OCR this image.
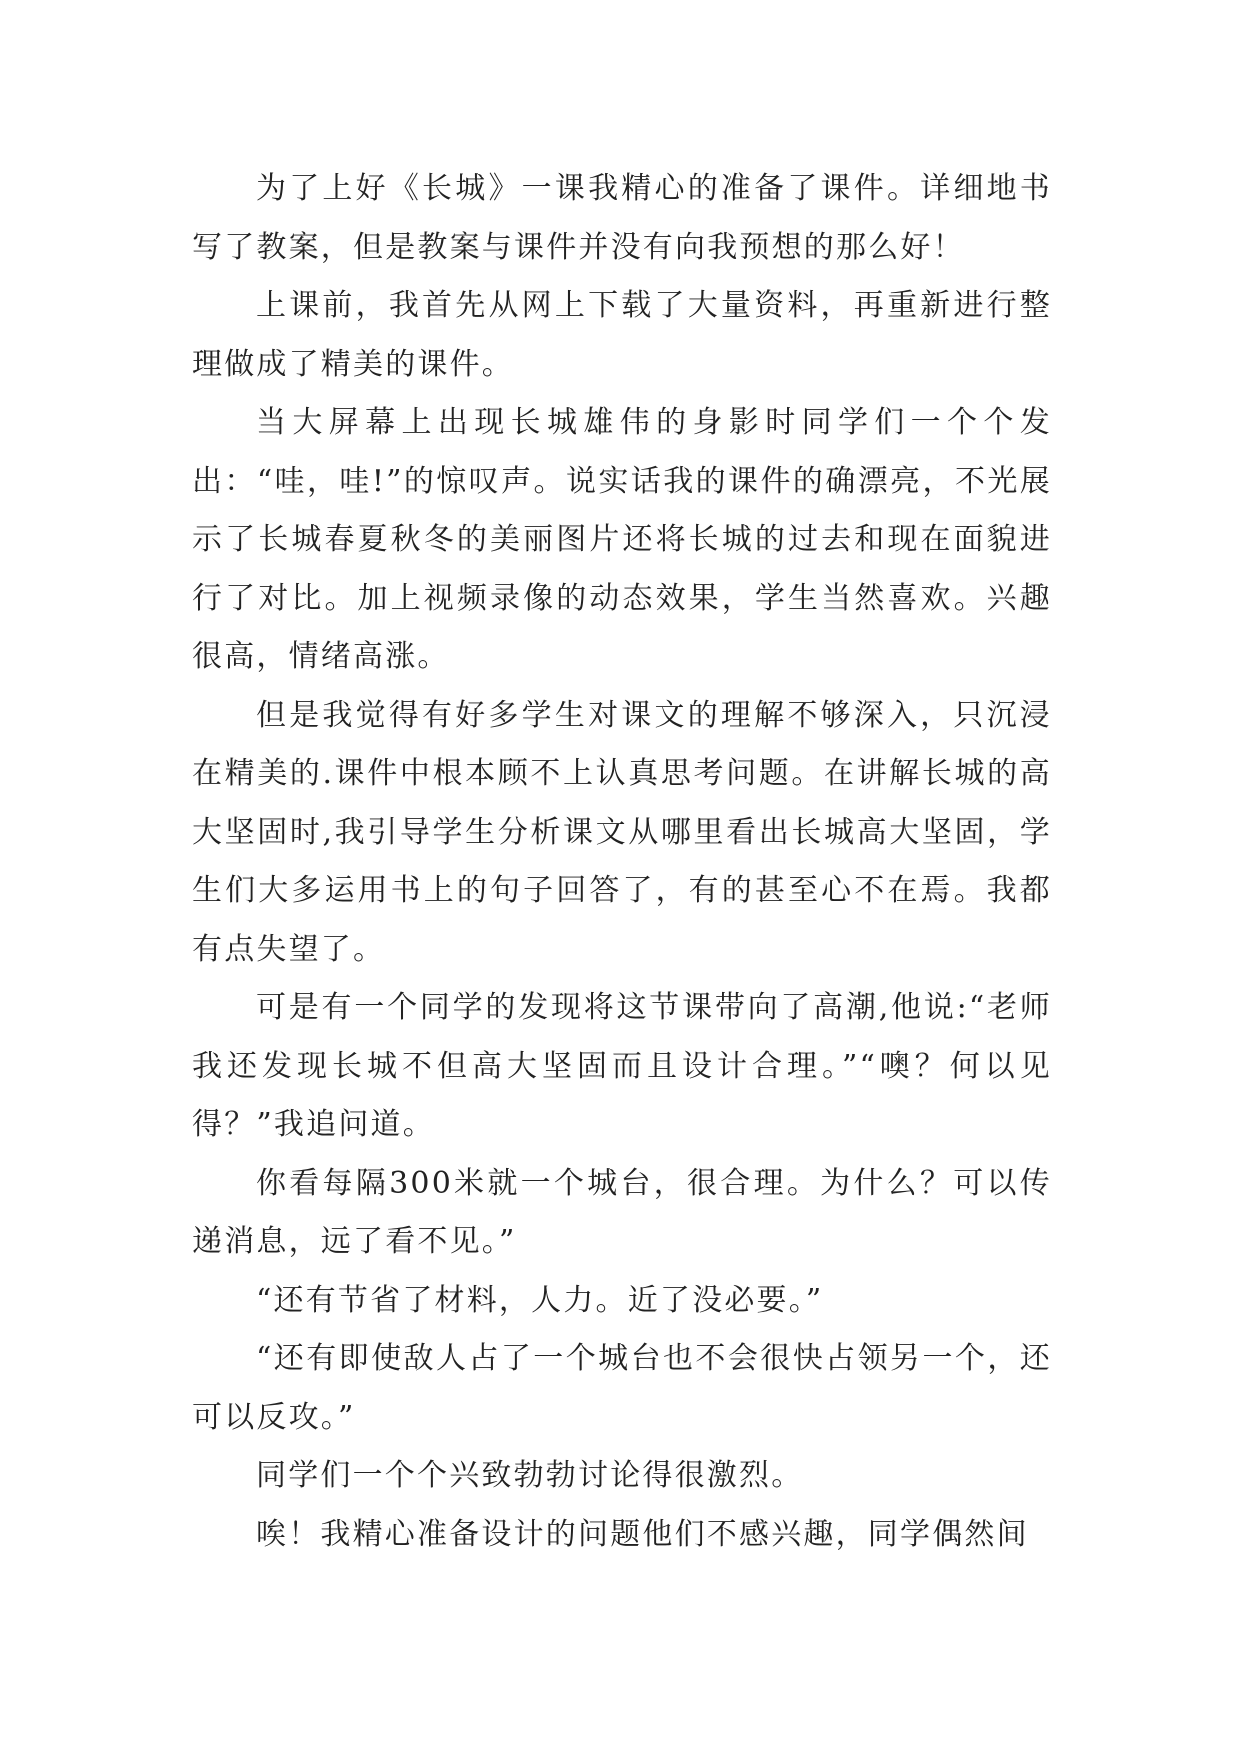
为了上好《长城》一课我精心的准备了课件。详细地书写了教案，但是教案与课件并没有向我预想的那么好！

上课前，我首先从网上下载了大量资料，再重新进行整理做成了精美的课件。

当大屏幕上出现长城雄伟的身影时同学们一个个发出：“哇，哇!”的惊叹声。说实话我的课件的确漂亮，不光展示了长城春夏秋冬的美丽图片还将长城的过去和现在面貌进行了对比。加上视频录像的动态效果，学生当然喜欢。兴趣很高，情绪高涨。

但是我觉得有好多学生对课文的理解不够深入，只沉浸在精美的.课件中根本顾不上认真思考问题。在讲解长城的高大坚固时,我引导学生分析课文从哪里看出长城高大坚固，学生们大多运用书上的句子回答了，有的甚至心不在焉。我都有点失望了。

可是有一个同学的发现将这节课带向了高潮,他说:“老师我还发现长城不但高大坚固而且设计合理。”“噢？何以见得？”我追问道。

你看每隔300米就一个城台，很合理。为什么？可以传递消息，远了看不见。”

“还有节省了材料，人力。近了没必要。”

“还有即使敌人占了一个城台也不会很快占领另一个，还可以反攻。”

同学们一个个兴致勃勃讨论得很激烈。

唉！我精心准备设计的问题他们不感兴趣，同学偶然间
